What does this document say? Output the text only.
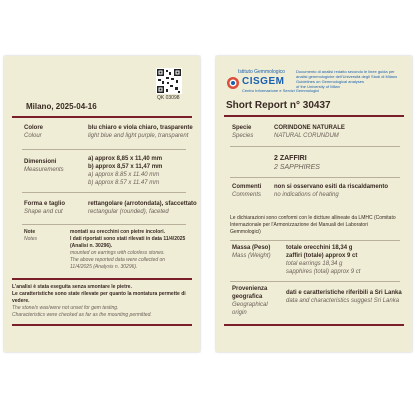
Milano, 2025-04-16
QK 03098
Colore
Colour
blu chiaro e viola chiaro, trasparente
light blue and light purple, transparent
Dimensioni
Measurements
a) approx 8,85 x 11,40 mm
b) approx 8,57 x 11,47 mm
a) approx 8.85 x 11.40 mm
b) approx 8.57 x 11.47 mm
Forma e taglio
Shape and cut
rettangolare (arrotondata), sfaccettato
rectangular (rounded), faceted
Note
Notes
montati su orecchini con pietre incolori.
I dati riportati sono stati rilevati in data 11/4/2025
(Analisi n. 30296).
mounted on earrings with colorless stones.
The above reported data were collected on
11/4/2025 (Analysis n. 30296).
L'analisi è stata eseguita senza smontare le pietre.
Le caratteristiche sono state rilevate per quanto la montatura permette di
vedere.
The stone/s was/were not unset for gem testing.
Characteristics were checked as far as the mounting permitted.
Istituto Gemmologico
CISGEM
Centro Informazione e Servizi Gemmologici
Documento di analisi redatto secondo le linee guida per
analisi gemmologiche dell'Università degli Studi di Milano
Guidelines on Gemmological analyses
of the University of Milan
Short Report n° 30437
Specie
Species
CORINDONE NATURALE
NATURAL CORUNDUM
2 ZAFFIRI
2 SAPPHIRES
Commenti
Comments
non si osservano esiti da riscaldamento
no indications of heating
Le dichiarazioni sono conformi con le dictture allineate da LMHC (Comitato
Internazionale per l'Armonizzazione dei Manuali dei Laboratori
Gemmologici)
Massa (Peso)
Mass (Weight)
totale orecchini 18,34 g
zaffiri (totale) approx 9 ct
total earrings 18,34 g
sapphires (total) approx 9 ct
Provenienza
geografica
Geographical
origin
dati e caratteristiche riferibili a Sri Lanka
data and characteristics suggest Sri Lanka
